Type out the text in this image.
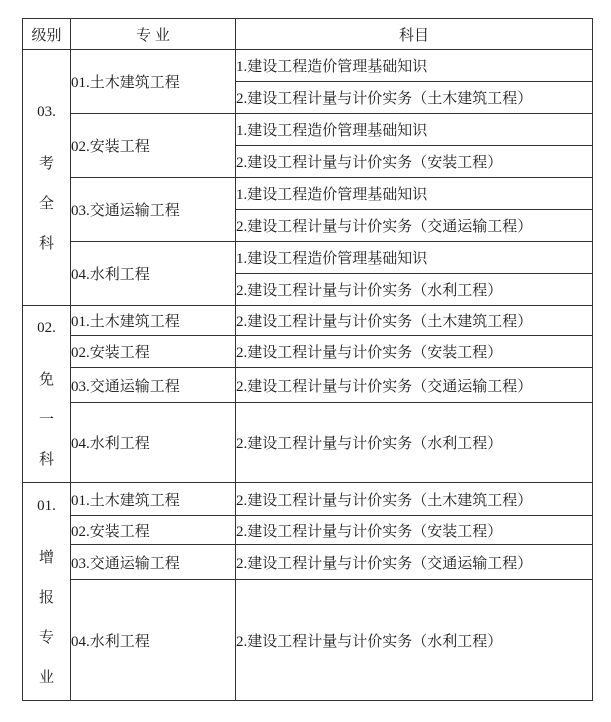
级别	专 业	科目

03.
考
全
科	01.土木建筑工程	1.建设工程造价管理基础知识
		2.建设工程计量与计价实务（土木建筑工程）
	02.安装工程	1.建设工程造价管理基础知识
		2.建设工程计量与计价实务（安装工程）
	03.交通运输工程	1.建设工程造价管理基础知识
		2.建设工程计量与计价实务（交通运输工程）
	04.水利工程	1.建设工程造价管理基础知识
		2.建设工程计量与计价实务（水利工程）

02.
免
一
科	01.土木建筑工程	2.建设工程计量与计价实务（土木建筑工程）
	02.安装工程	2.建设工程计量与计价实务（安装工程）
	03.交通运输工程	2.建设工程计量与计价实务（交通运输工程）
	04.水利工程	2.建设工程计量与计价实务（水利工程）

01.
增
报
专
业	01.土木建筑工程	2.建设工程计量与计价实务（土木建筑工程）
	02.安装工程	2.建设工程计量与计价实务（安装工程）
	03.交通运输工程	2.建设工程计量与计价实务（交通运输工程）
	04.水利工程	2.建设工程计量与计价实务（水利工程）
